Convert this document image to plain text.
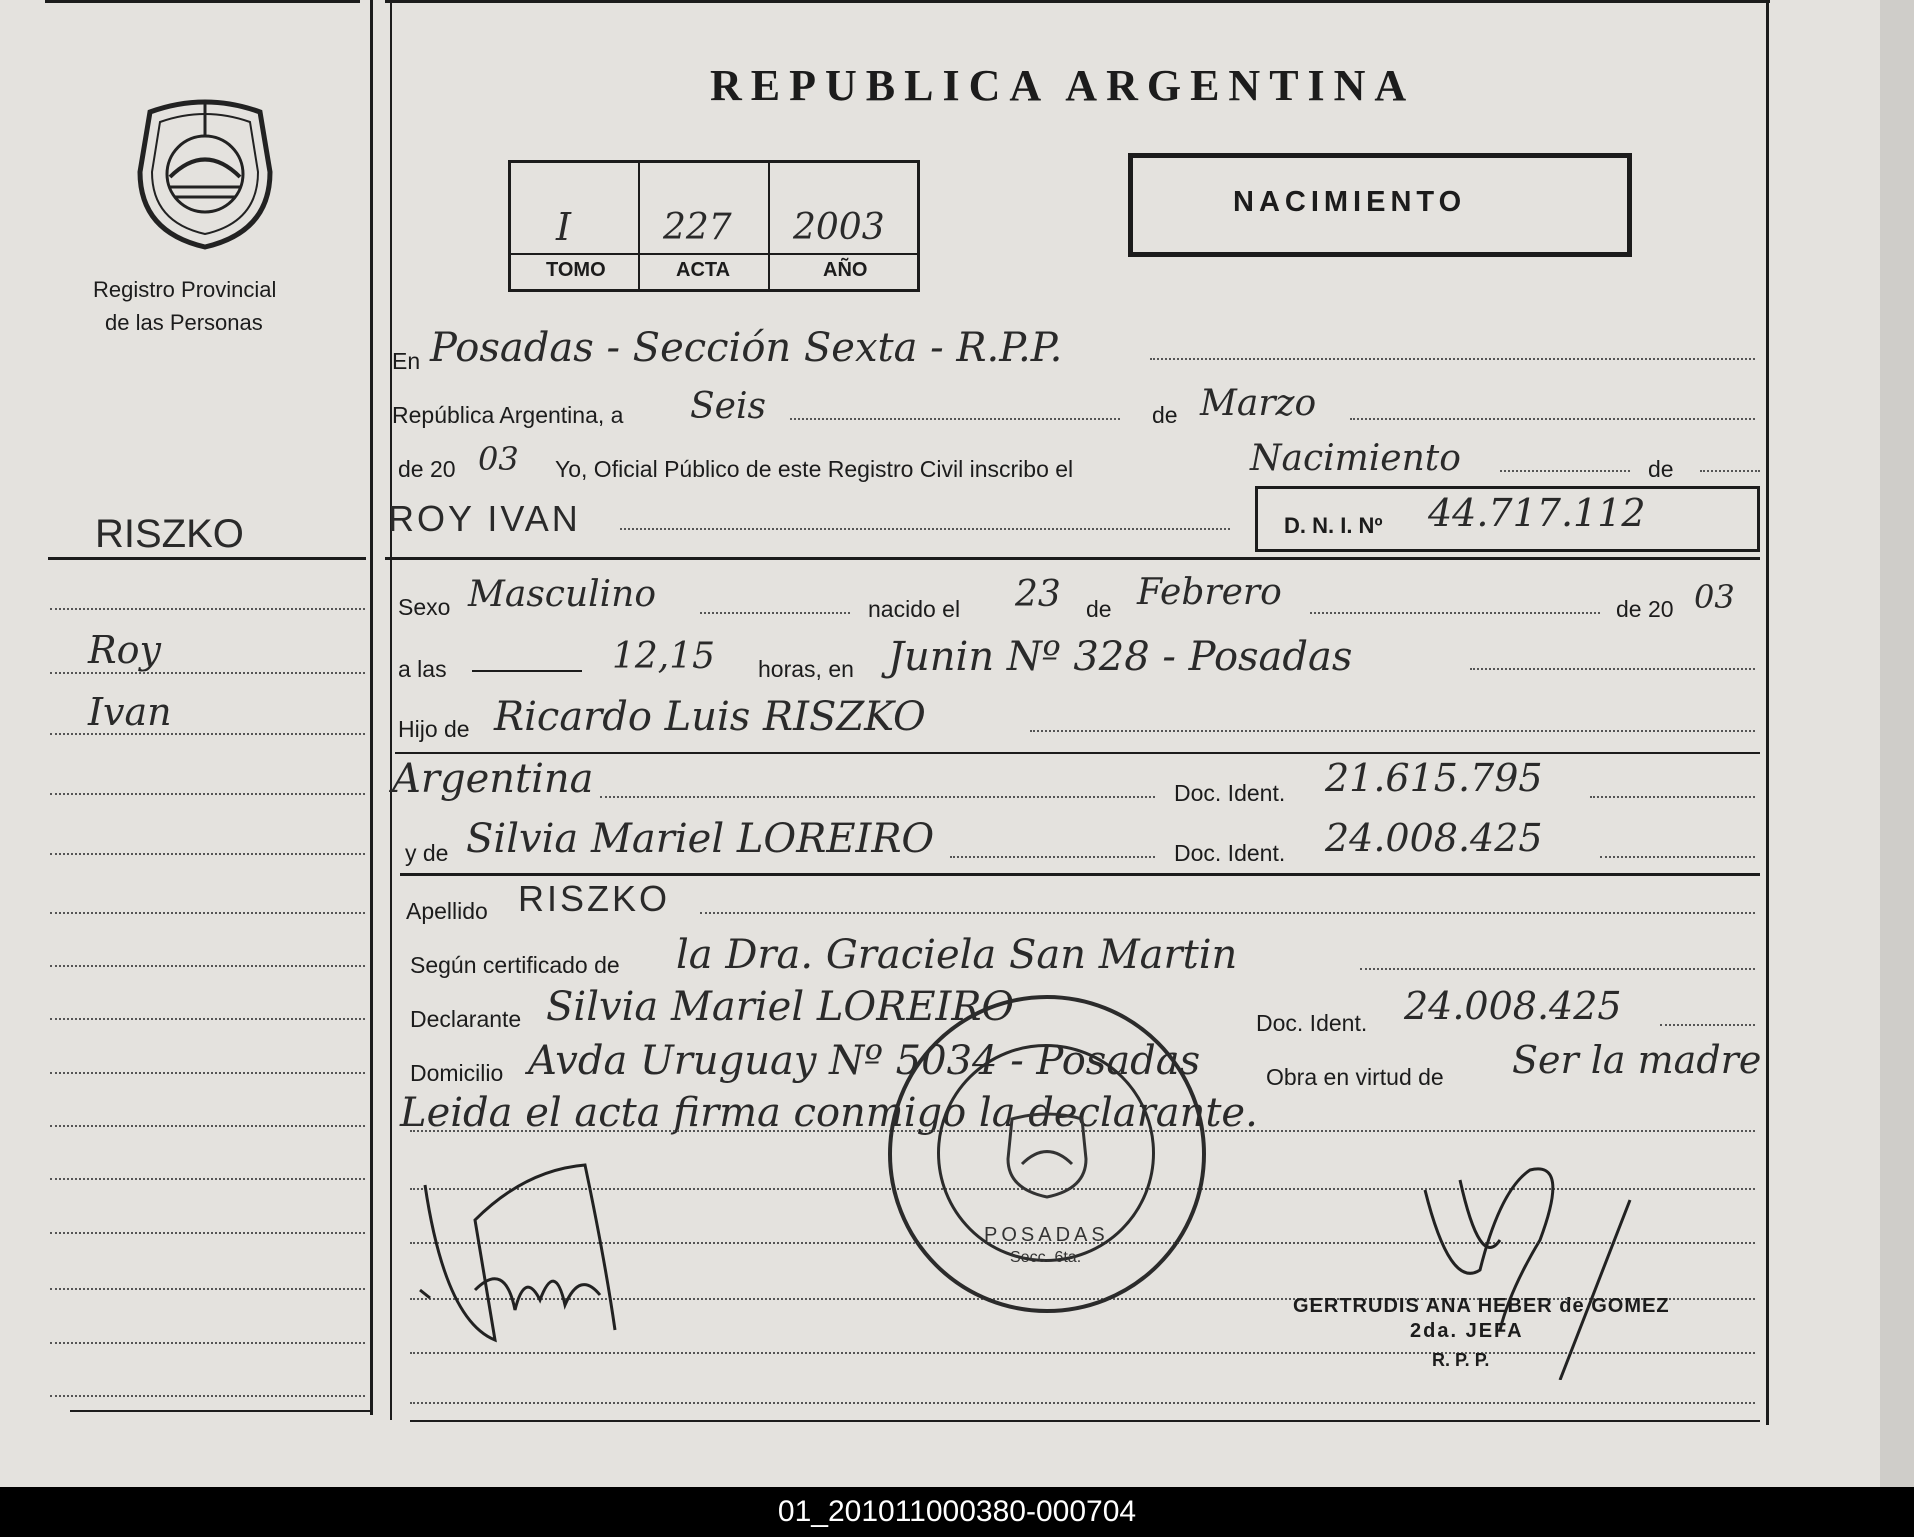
Registro Provincial
de las Personas
REPUBLICA ARGENTINA
I	227 2003
TOMO	ACTA	AÑO
NACIMIENTO
RISZKO
Roy
Ivan
En Posadas - Sección Sexta - R.P.P.
República Argentina, a Seis	de Marzo
de 20 03 Yo, Oficial Público de este Registro Civil inscribo el	Nacimiento	de
ROY IVAN	D. N. I. Nº 44.717.112
Sexo Masculino	nacido el 23 de Febrero	de 20 03
a las	12,15 horas, en Junin Nº 328 - Posadas
Hijo de Ricardo Luis RISZKO
Argentina	Doc. Ident. 21.615.795
y de Silvia Mariel LOREIRO	Doc. Ident. 24.008.425
Apellido RISZKO
Según certificado de la Dra. Graciela San Martin
Declarante Silvia Mariel LOREIRO	Doc. Ident. 24.008.425
Domicilio Avda Uruguay Nº 5034 - Posadas	Obra en virtud de Ser la madre
Leida el acta firma conmigo la declarante.
POSADAS
Secc. 6ta.
GERTRUDIS ANA HEBER de GOMEZ
2da. JEFA
R. P. P.
01_201011000380-000704
